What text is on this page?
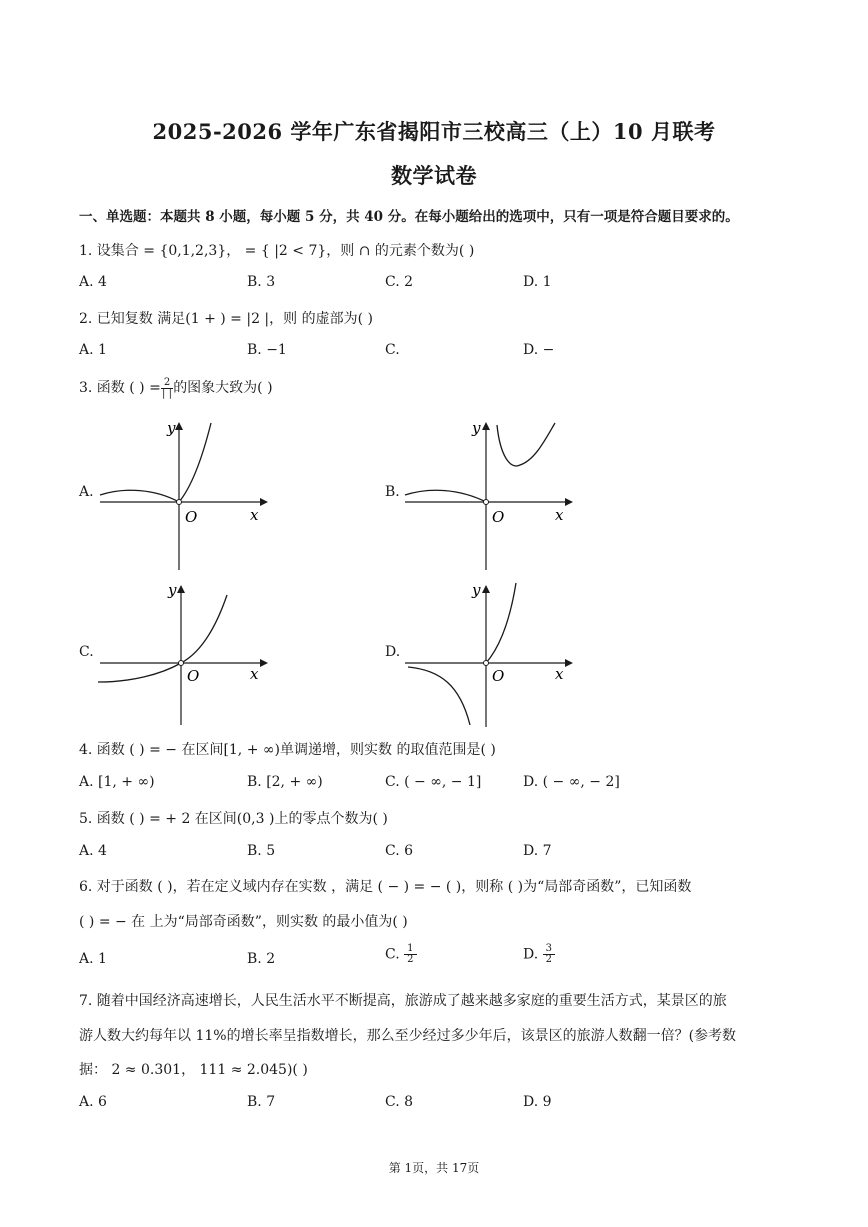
2025-2026 学年广东省揭阳市三校高三（上）10 月联考
数学试卷
一、单选题：本题共 8 小题，每小题 5 分，共 40 分。在每小题给出的选项中，只有一项是符合题目要求的。
1. 设集合 = {0,1,2,3}， = { |2 < 7}，则 ∩ 的元素个数为( )
A. 4	B. 3	C. 2	D. 1
2. 已知复数 满足(1 + ) = |2 |，则 的虚部为( )
A. 1	B. −1	C.	D. −
3. 函数 ( ) = $\frac{2}{| |}$ 的图象大致为( )
A.
y
O	x
B.
y
O	x
C.
y
O	x
D.
y
O	x
4. 函数 ( ) = − 在区间[1, + ∞)单调递增，则实数 的取值范围是( )
A. [1, + ∞)	B. [2, + ∞)	C. ( − ∞, − 1]	D. ( − ∞, − 2]
5. 函数 ( ) = + 2 在区间(0,3 )上的零点个数为( )
A. 4	B. 5	C. 6	D. 7
6. 对于函数 ( )，若在定义域内存在实数 ，满足 ( − ) = − ( )，则称 ( )为“局部奇函数”，已知函数
( ) = − 在 上为“局部奇函数”，则实数 的最小值为( )
A. 1	B. 2	C. $\frac{1}{2}$	D. $\frac{3}{2}$
7. 随着中国经济高速增长，人民生活水平不断提高，旅游成了越来越多家庭的重要生活方式，某景区的旅
游人数大约每年以 11%的增长率呈指数增长，那么至少经过多少年后，该景区的旅游人数翻一倍？(参考数
据： 2 ≈ 0.301， 111 ≈ 2.045)( )
A. 6	B. 7	C. 8	D. 9
第 1页，共 17页
